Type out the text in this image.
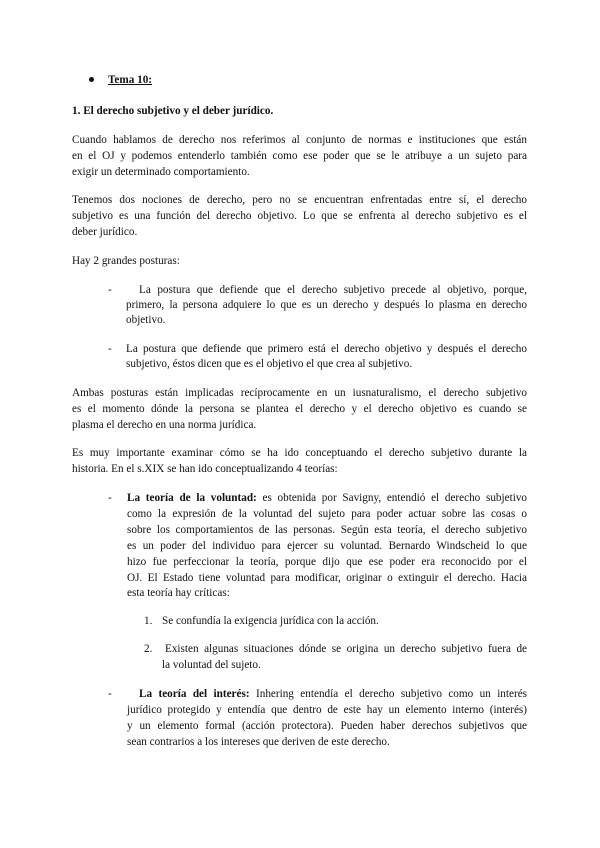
Tema 10:
1. El derecho subjetivo y el deber jurídico.
Cuando hablamos de derecho nos referimos al conjunto de normas e instituciones que están
en el OJ y podemos entenderlo también como ese poder que se le atribuye a un sujeto para
exigir un determinado comportamiento.
Tenemos dos nociones de derecho, pero no se encuentran enfrentadas entre sí, el derecho
subjetivo es una función del derecho objetivo. Lo que se enfrenta al derecho subjetivo es el
deber jurídico.
Hay 2 grandes posturas:
- La postura que defiende que el derecho subjetivo precede al objetivo, porque,
primero, la persona adquiere lo que es un derecho y después lo plasma en derecho
objetivo.
- La postura que defiende que primero está el derecho objetivo y después el derecho
subjetivo, éstos dicen que es el objetivo el que crea al subjetivo.
Ambas posturas están implicadas recíprocamente en un iusnaturalismo, el derecho subjetivo
es el momento dónde la persona se plantea el derecho y el derecho objetivo es cuando se
plasma el derecho en una norma jurídica.
Es muy importante examinar cómo se ha ido conceptuando el derecho subjetivo durante la
historia. En el s.XIX se han ido conceptualizando 4 teorías:
- La teoría de la voluntad: es obtenida por Savigny, entendió el derecho subjetivo
como la expresión de la voluntad del sujeto para poder actuar sobre las cosas o
sobre los comportamientos de las personas. Según esta teoría, el derecho subjetivo
es un poder del individuo para ejercer su voluntad. Bernardo Windscheid lo que
hizo fue perfeccionar la teoría, porque dijo que ese poder era reconocido por el
OJ. El Estado tiene voluntad para modificar, originar o extinguir el derecho. Hacia
esta teoría hay críticas:
1. Se confundía la exigencia jurídica con la acción.
2. Existen algunas situaciones dónde se origina un derecho subjetivo fuera de
la voluntad del sujeto.
- La teoría del interés: Inhering entendía el derecho subjetivo como un interés
jurídico protegido y entendía que dentro de este hay un elemento interno (interés)
y un elemento formal (acción protectora). Pueden haber derechos subjetivos que
sean contrarios a los intereses que deriven de este derecho.
